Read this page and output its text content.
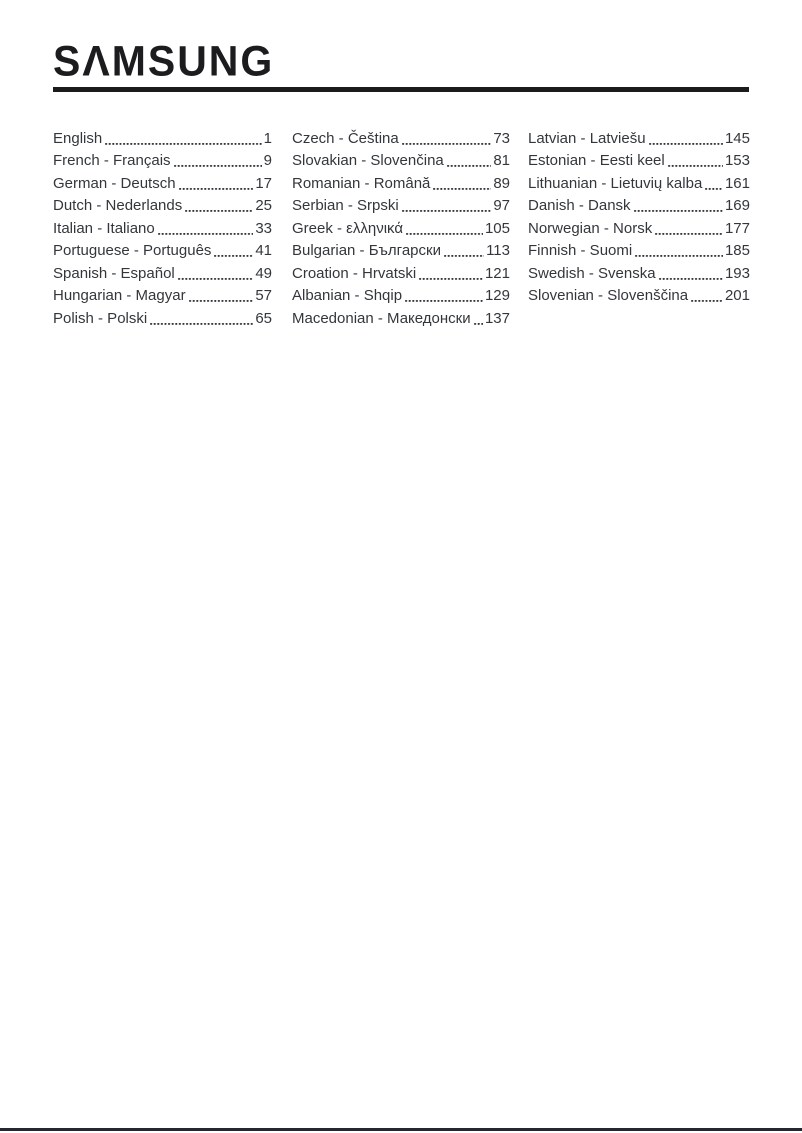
SΛMSUNG
English	1
French - Français	9
German - Deutsch	17
Dutch - Nederlands	25
Italian - Italiano	33
Portuguese - Português	41
Spanish - Español	49
Hungarian - Magyar	57
Polish - Polski	65
Czech - Čeština	73
Slovakian - Slovenčina	81
Romanian - Română	89
Serbian - Srpski	97
Greek - ελληνικά	105
Bulgarian - Български	113
Croation - Hrvatski	121
Albanian - Shqip	129
Macedonian - Македонски 137
Latvian - Latviešu	145
Estonian - Eesti keel	153
Lithuanian - Lietuvių kalba 161
Danish - Dansk	169
Norwegian - Norsk	177
Finnish - Suomi	185
Swedish - Svenska	193
Slovenian - Slovenščina 201
